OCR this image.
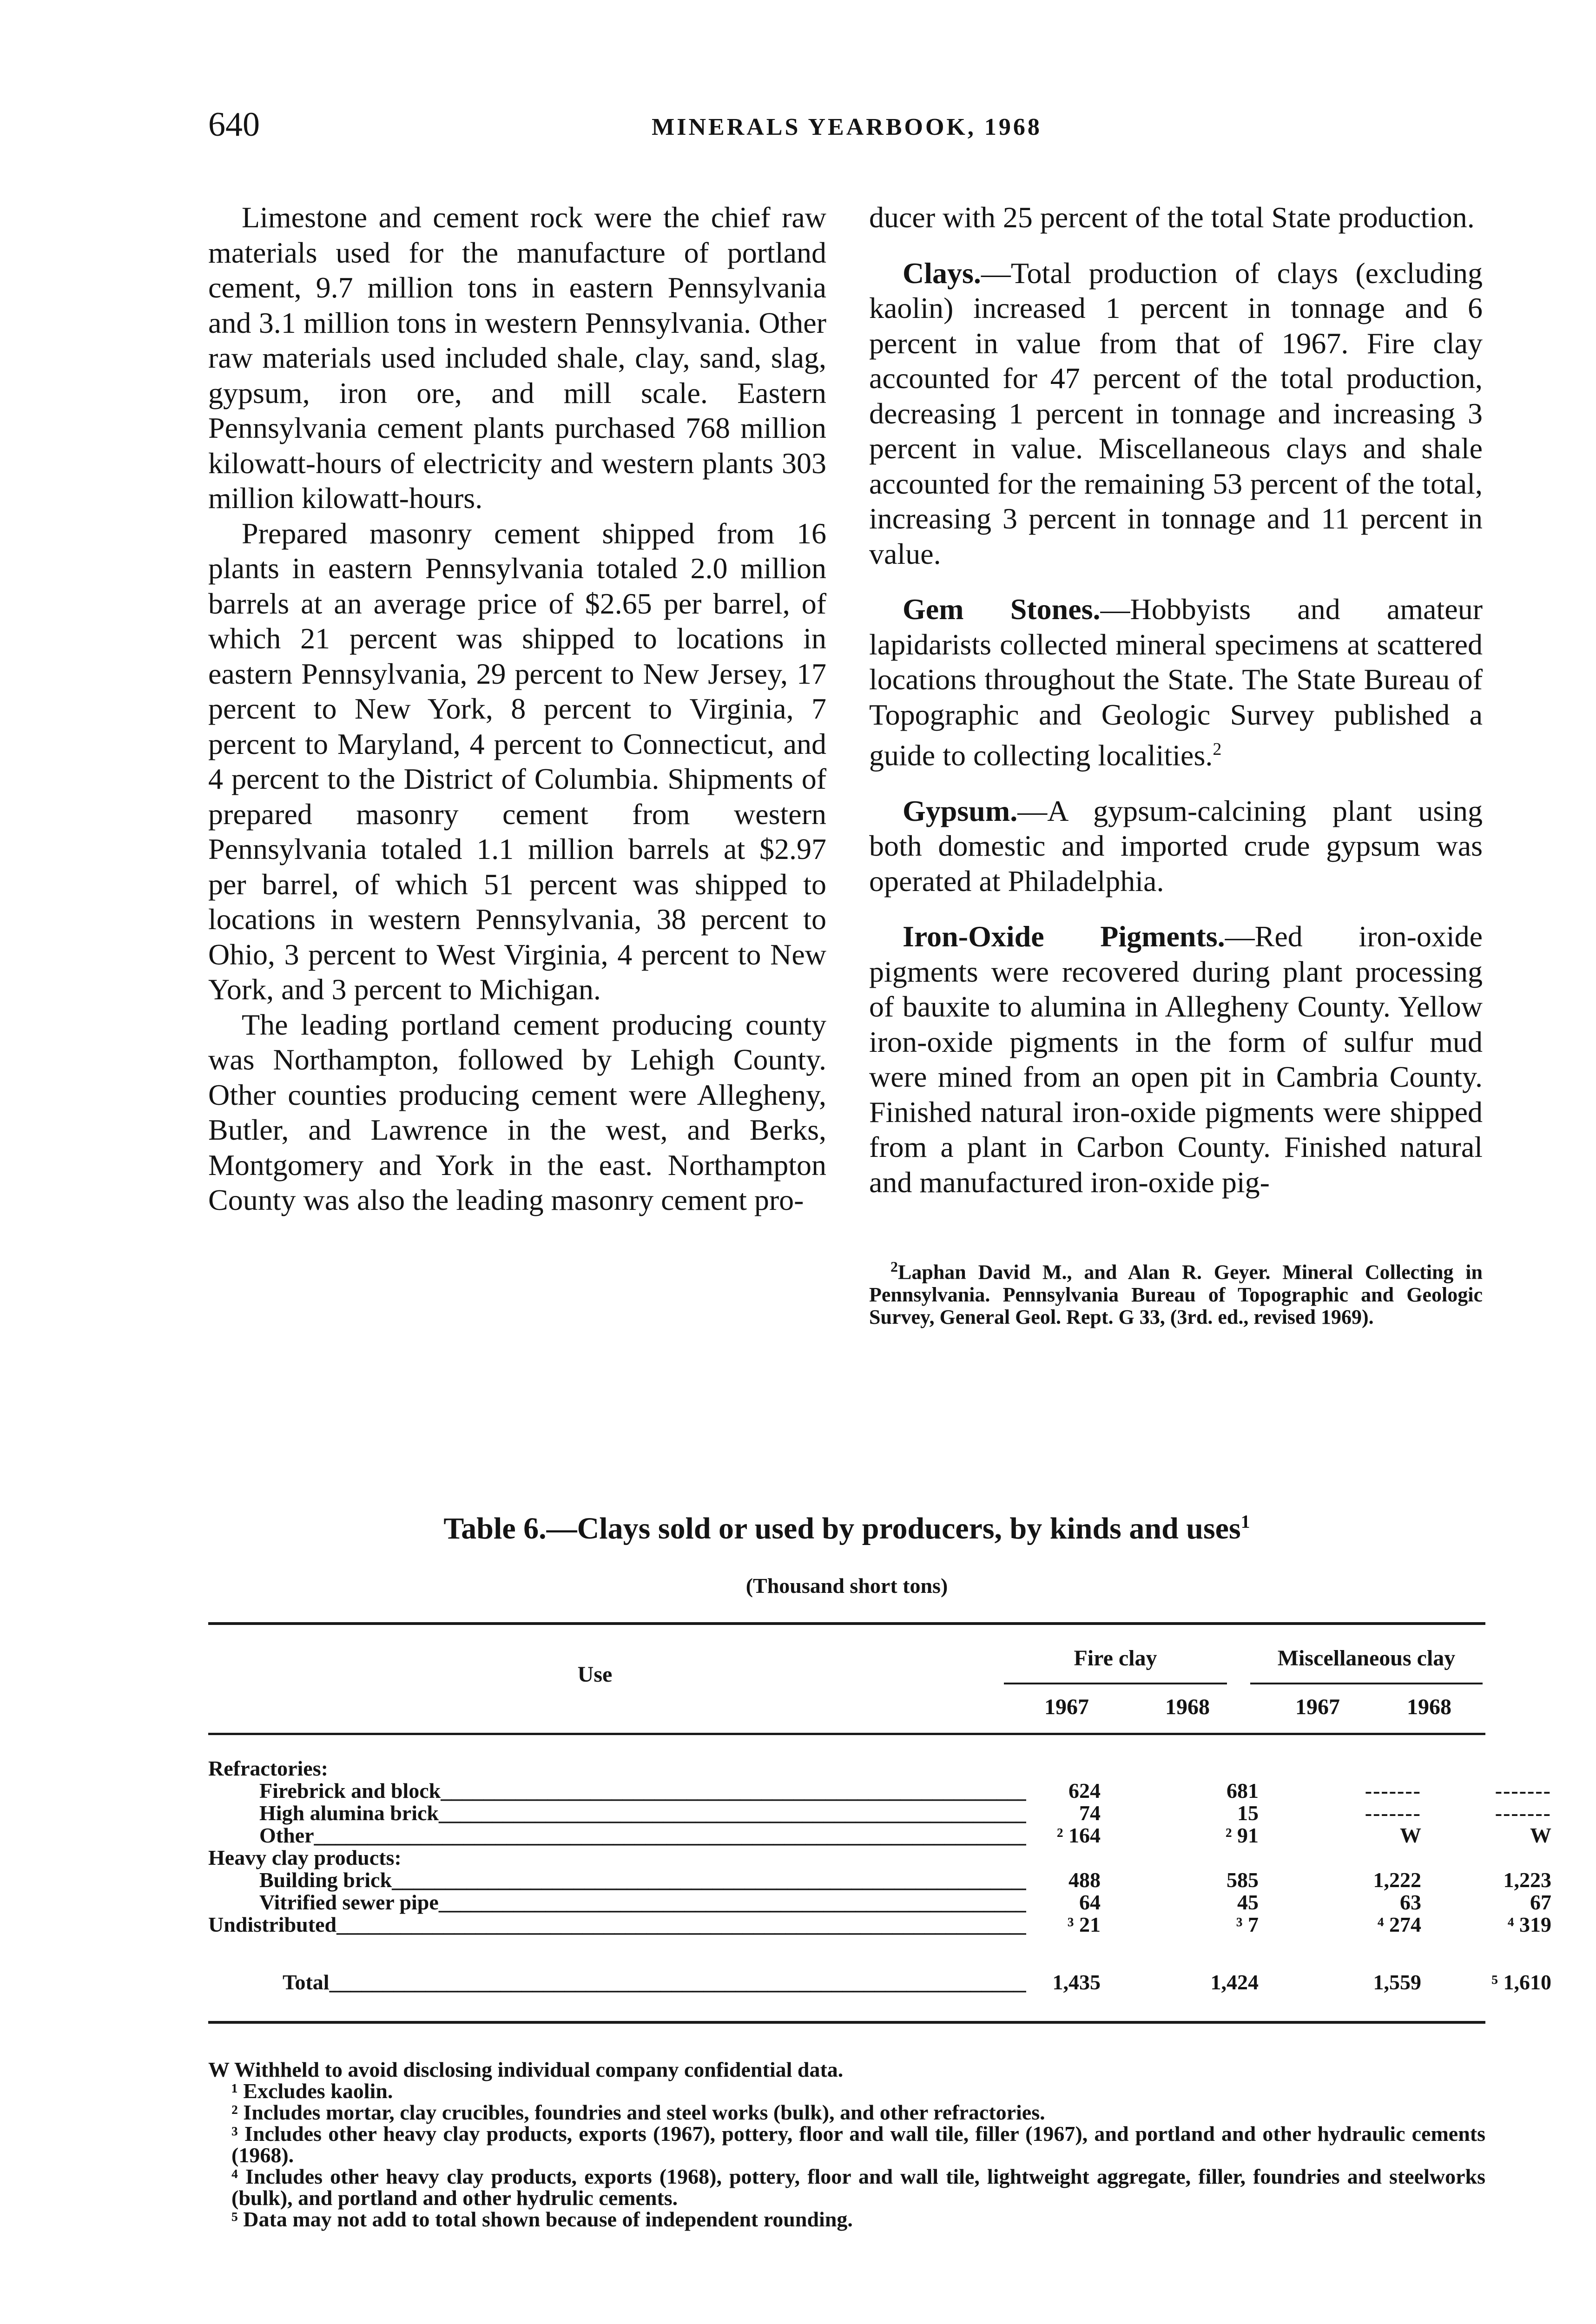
640	MINERALS YEARBOOK, 1968

Limestone and cement rock were the chief raw materials used for the manufacture of portland cement, 9.7 million tons in eastern Pennsylvania and 3.1 million tons in western Pennsylvania. Other raw materials used included shale, clay, sand, slag, gypsum, iron ore, and mill scale. Eastern Pennsylvania cement plants purchased 768 million kilowatt-hours of electricity and western plants 303 million kilowatt-hours.

Prepared masonry cement shipped from 16 plants in eastern Pennsylvania totaled 2.0 million barrels at an average price of $2.65 per barrel, of which 21 percent was shipped to locations in eastern Pennsylvania, 29 percent to New Jersey, 17 percent to New York, 8 percent to Virginia, 7 percent to Maryland, 4 percent to Connecticut, and 4 percent to the District of Columbia. Shipments of prepared masonry cement from western Pennsylvania totaled 1.1 million barrels at $2.97 per barrel, of which 51 percent was shipped to locations in western Pennsylvania, 38 percent to Ohio, 3 percent to West Virginia, 4 percent to New York, and 3 percent to Michigan.

The leading portland cement producing county was Northampton, followed by Lehigh County. Other counties producing cement were Allegheny, Butler, and Lawrence in the west, and Berks, Montgomery and York in the east. Northampton County was also the leading masonry cement pro-

ducer with 25 percent of the total State production.

Clays.—Total production of clays (excluding kaolin) increased 1 percent in tonnage and 6 percent in value from that of 1967. Fire clay accounted for 47 percent of the total production, decreasing 1 percent in tonnage and increasing 3 percent in value. Miscellaneous clays and shale accounted for the remaining 53 percent of the total, increasing 3 percent in tonnage and 11 percent in value.

Gem Stones.—Hobbyists and amateur lapidarists collected mineral specimens at scattered locations throughout the State. The State Bureau of Topographic and Geologic Survey published a guide to collecting localities.$^2$

Gypsum.—A gypsum-calcining plant using both domestic and imported crude gypsum was operated at Philadelphia.

Iron-Oxide Pigments.—Red iron-oxide pigments were recovered during plant processing of bauxite to alumina in Allegheny County. Yellow iron-oxide pigments in the form of sulfur mud were mined from an open pit in Cambria County. Finished natural iron-oxide pigments were shipped from a plant in Carbon County. Finished natural and manufactured iron-oxide pig-

$^2$Laphan David M., and Alan R. Geyer. Mineral Collecting in Pennsylvania. Pennsylvania Bureau of Topographic and Geologic Survey, General Geol. Rept. G 33, (3rd. ed., revised 1969).

Table 6.—Clays sold or used by producers, by kinds and uses$^1$
(Thousand short tons)
Use
Fire clay	Miscellaneous clay
1967	1968	1967	1968
Refractories:
Firebrick and block _____	624	681	-------	-------
High alumina brick _____	74	15	-------	-------
Other _____	² 164	² 91	W	W
Heavy clay products:
Building brick _____	488	585	1,222	1,223
Vitrified sewer pipe _____	64	45	63	67
Undistributed _____	³ 21	³ 7	⁴ 274	⁴ 319
Total _____	1,435	1,424	1,559	⁵ 1,610

W Withheld to avoid disclosing individual company confidential data.

¹ Excludes kaolin.

² Includes mortar, clay crucibles, foundries and steel works (bulk), and other refractories.

³ Includes other heavy clay products, exports (1967), pottery, floor and wall tile, filler (1967), and portland and other hydraulic cements (1968).

⁴ Includes other heavy clay products, exports (1968), pottery, floor and wall tile, lightweight aggregate, filler, foundries and steelworks (bulk), and portland and other hydrulic cements.

⁵ Data may not add to total shown because of independent rounding.
